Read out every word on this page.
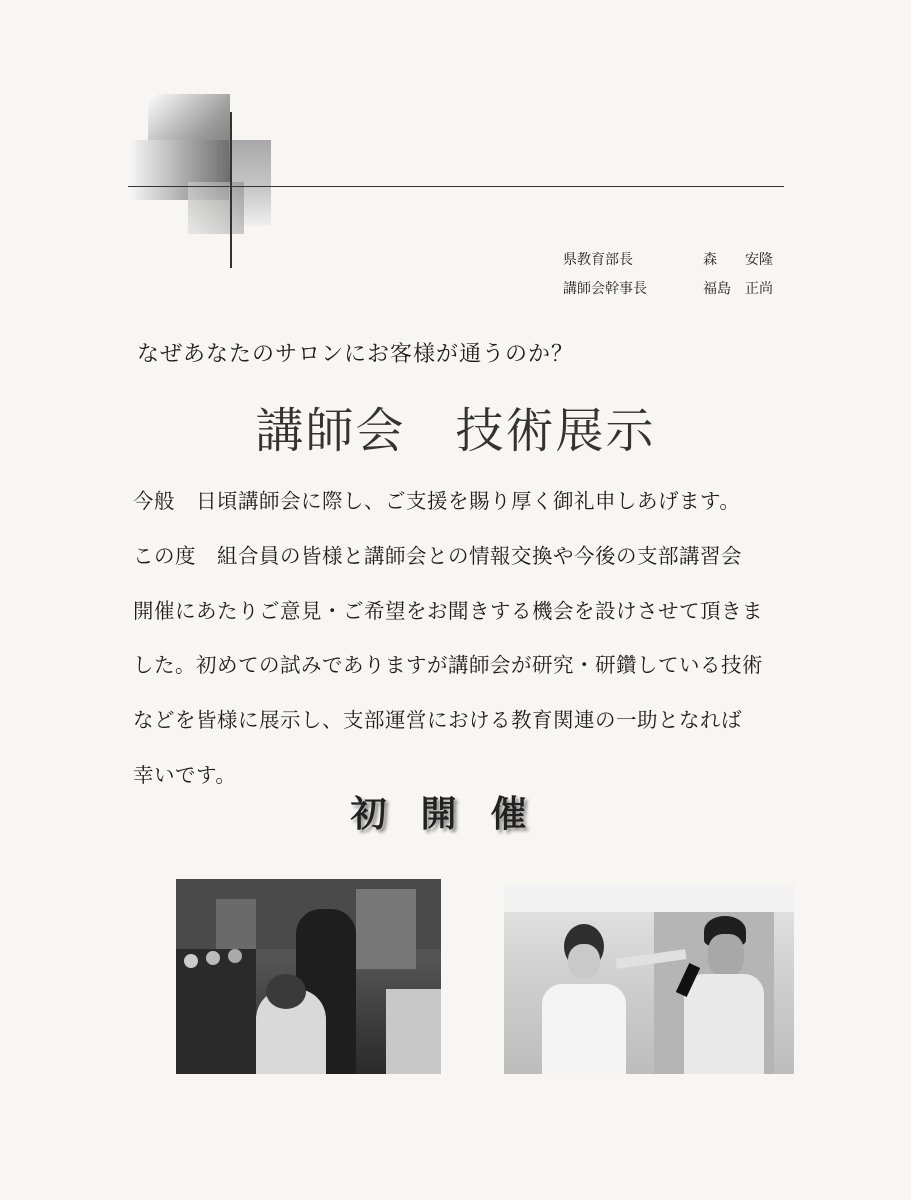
県教育部長	森　　安隆
講師会幹事長	福島　正尚
なぜあなたのサロンにお客様が通うのか？
講師会　技術展示

今般　日頃講師会に際し、ご支援を賜り厚く御礼申しあげます。

この度　組合員の皆様と講師会との情報交換や今後の支部講習会

開催にあたりご意見・ご希望をお聞きする機会を設けさせて頂きま

した。初めての試みでありますが講師会が研究・研鑽している技術

などを皆様に展示し、支部運営における教育関連の一助となれば

幸いです。

初開催
